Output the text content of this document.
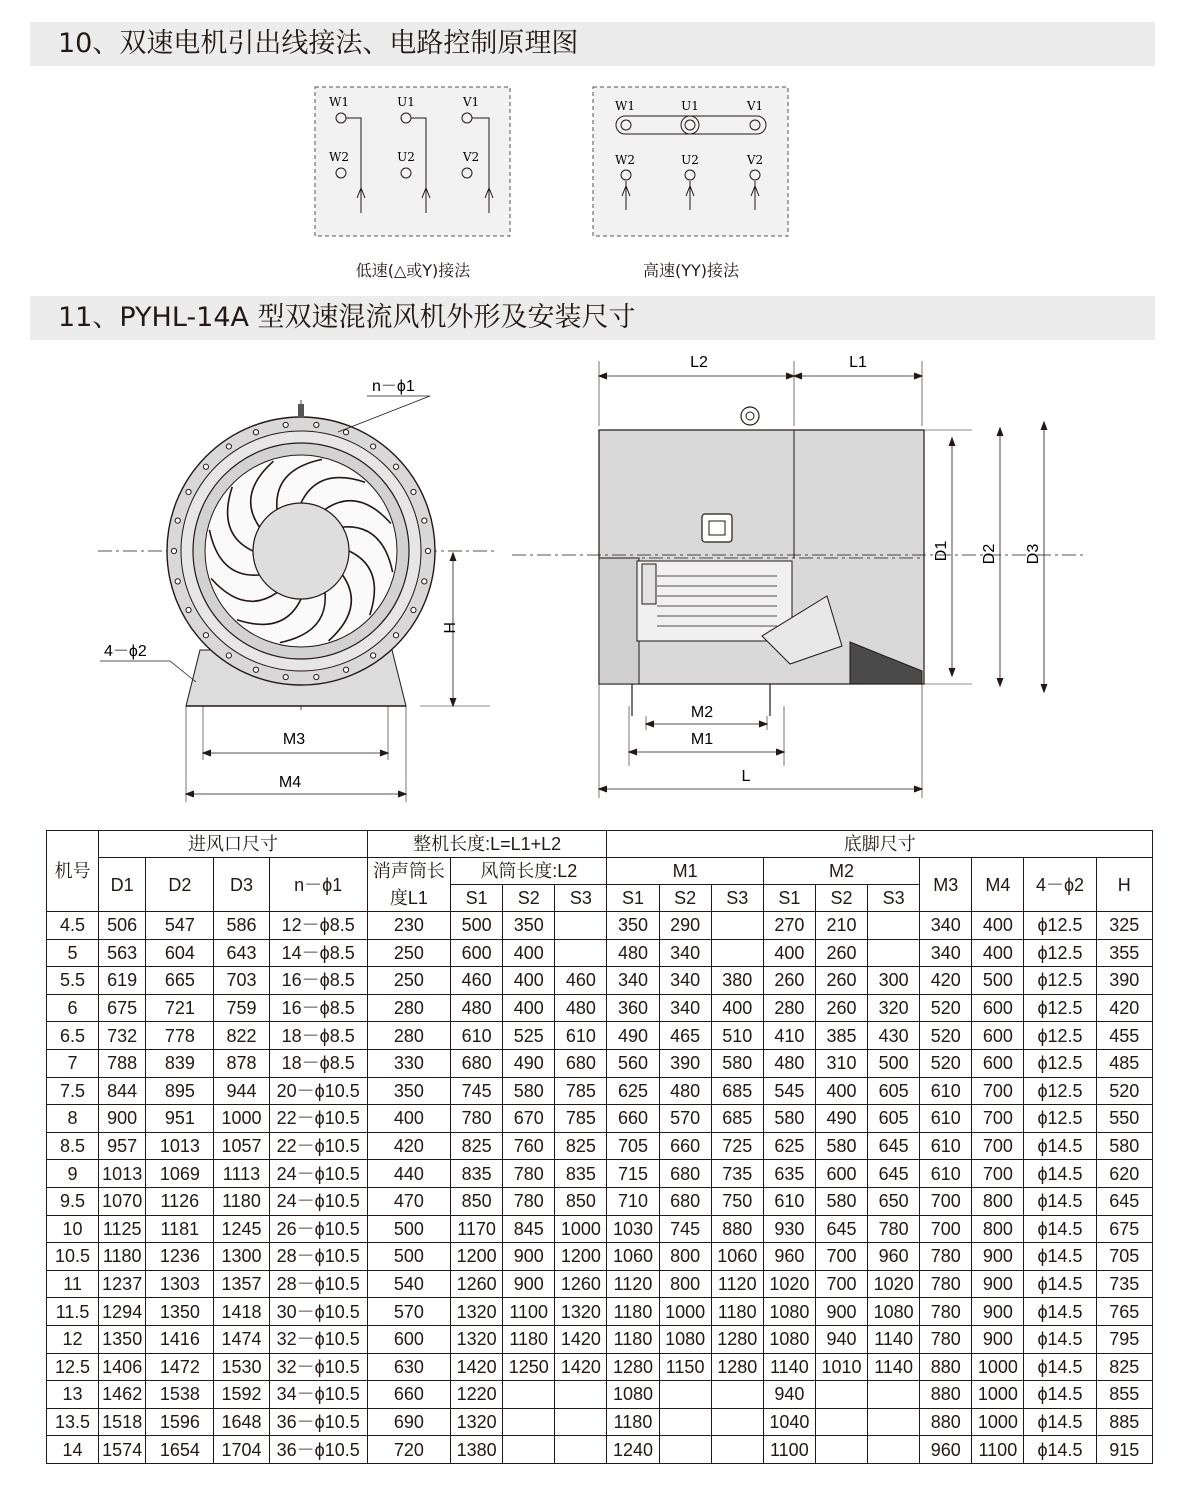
10、双速电机引出线接法、电路控制原理图
W1	U1	V1
W2	U2	V2
低速(△或Y)接法
W1	U1	V1
W2	U2	V2
高速(YY)接法
11、PYHL-14A 型双速混流风机外形及安装尺寸
n－ϕ1
4－ϕ2
H
M3
M4
L2	L1
D1 D2 D3
M2
M1
L
机号	进风口尺寸				整机长度:L=L1+L2				底脚尺寸									
	D1	D2	D3	n－ϕ1	消声筒长	风筒长度:L2			M1			M2			M3	M4	4－ϕ2	H
					度L1	S1	S2	S3	S1	S2	S3	S1	S2	S3				
4.5	506	547	586	12－ϕ8.5	230	500	350		350	290		270	210		340	400	ϕ12.5	325
5	563	604	643	14－ϕ8.5	250	600	400		480	340		400	260		340	400	ϕ12.5	355
5.5	619	665	703	16－ϕ8.5	250	460	400	460	340	340	380	260	260	300	420	500	ϕ12.5	390
6	675	721	759	16－ϕ8.5	280	480	400	480	360	340	400	280	260	320	520	600	ϕ12.5	420
6.5	732	778	822	18－ϕ8.5	280	610	525	610	490	465	510	410	385	430	520	600	ϕ12.5	455
7	788	839	878	18－ϕ8.5	330	680	490	680	560	390	580	480	310	500	520	600	ϕ12.5	485
7.5	844	895	944	20－ϕ10.5	350	745	580	785	625	480	685	545	400	605	610	700	ϕ12.5	520
8	900	951	1000	22－ϕ10.5	400	780	670	785	660	570	685	580	490	605	610	700	ϕ12.5	550
8.5	957	1013	1057	22－ϕ10.5	420	825	760	825	705	660	725	625	580	645	610	700	ϕ14.5	580
9	1013	1069	1113	24－ϕ10.5	440	835	780	835	715	680	735	635	600	645	610	700	ϕ14.5	620
9.5	1070	1126	1180	24－ϕ10.5	470	850	780	850	710	680	750	610	580	650	700	800	ϕ14.5	645
10	1125	1181	1245	26－ϕ10.5	500	1170	845	1000	1030	745	880	930	645	780	700	800	ϕ14.5	675
10.5	1180	1236	1300	28－ϕ10.5	500	1200	900	1200	1060	800	1060	960	700	960	780	900	ϕ14.5	705
11	1237	1303	1357	28－ϕ10.5	540	1260	900	1260	1120	800	1120	1020	700	1020	780	900	ϕ14.5	735
11.5	1294	1350	1418	30－ϕ10.5	570	1320	1100	1320	1180	1000	1180	1080	900	1080	780	900	ϕ14.5	765
12	1350	1416	1474	32－ϕ10.5	600	1320	1180	1420	1180	1080	1280	1080	940	1140	780	900	ϕ14.5	795
12.5	1406	1472	1530	32－ϕ10.5	630	1420	1250	1420	1280	1150	1280	1140	1010	1140	880	1000	ϕ14.5	825
13	1462	1538	1592	34－ϕ10.5	660	1220			1080			940			880	1000	ϕ14.5	855
13.5	1518	1596	1648	36－ϕ10.5	690	1320			1180			1040			880	1000	ϕ14.5	885
14	1574	1654	1704	36－ϕ10.5	720	1380			1240			1100			960	1100	ϕ14.5	915
